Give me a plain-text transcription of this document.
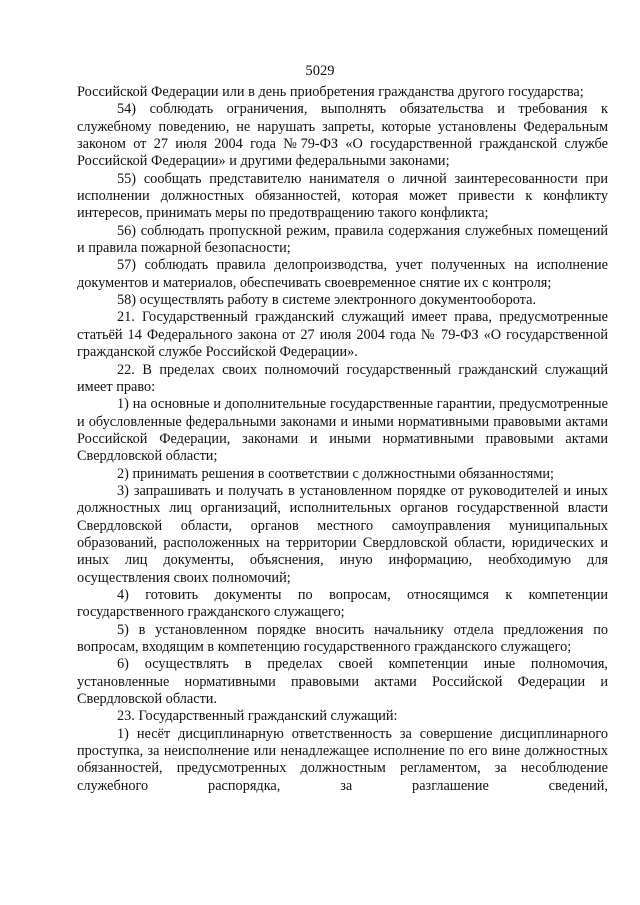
5029

Российской Федерации или в день приобретения гражданства другого государства;

54) соблюдать ограничения, выполнять обязательства и требования к служебному поведению, не нарушать запреты, которые установлены Федеральным законом от 27 июля 2004 года №79-ФЗ «О государственной гражданской службе Российской Федерации» и другими федеральными законами;

55) сообщать представителю нанимателя о личной заинтересованности при исполнении должностных обязанностей, которая может привести к конфликту интересов, принимать меры по предотвращению такого конфликта;

56) соблюдать пропускной режим, правила содержания служебных помещений и правила пожарной безопасности;

57) соблюдать правила делопроизводства, учет полученных на исполнение документов и материалов, обеспечивать своевременное снятие их с контроля;

58) осуществлять работу в системе электронного документооборота.

21. Государственный гражданский служащий имеет права, предусмотренные статьёй 14 Федерального закона от 27 июля 2004 года № 79-ФЗ «О государственной гражданской службе Российской Федерации».

22. В пределах своих полномочий государственный гражданский служащий имеет право:

1) на основные и дополнительные государственные гарантии, предусмотренные и обусловленные федеральными законами и иными нормативными правовыми актами Российской Федерации, законами и иными нормативными правовыми актами Свердловской области;

2) принимать решения в соответствии с должностными обязанностями;

3) запрашивать и получать в установленном порядке от руководителей и иных должностных лиц организаций, исполнительных органов государственной власти Свердловской области, органов местного самоуправления муниципальных образований, расположенных на территории Свердловской области, юридических и иных лиц документы, объяснения, иную информацию, необходимую для осуществления своих полномочий;

4) готовить документы по вопросам, относящимся к компетенции государственного гражданского служащего;

5) в установленном порядке вносить начальнику отдела предложения по вопросам, входящим в компетенцию государственного гражданского служащего;

6) осуществлять в пределах своей компетенции иные полномочия, установленные нормативными правовыми актами Российской Федерации и Свердловской области.

23. Государственный гражданский служащий:

1) несёт дисциплинарную ответственность за совершение дисциплинарного проступка, за неисполнение или ненадлежащее исполнение по его вине должностных обязанностей, предусмотренных должностным регламентом, за несоблюдение служебного распорядка, за разглашение сведений,
